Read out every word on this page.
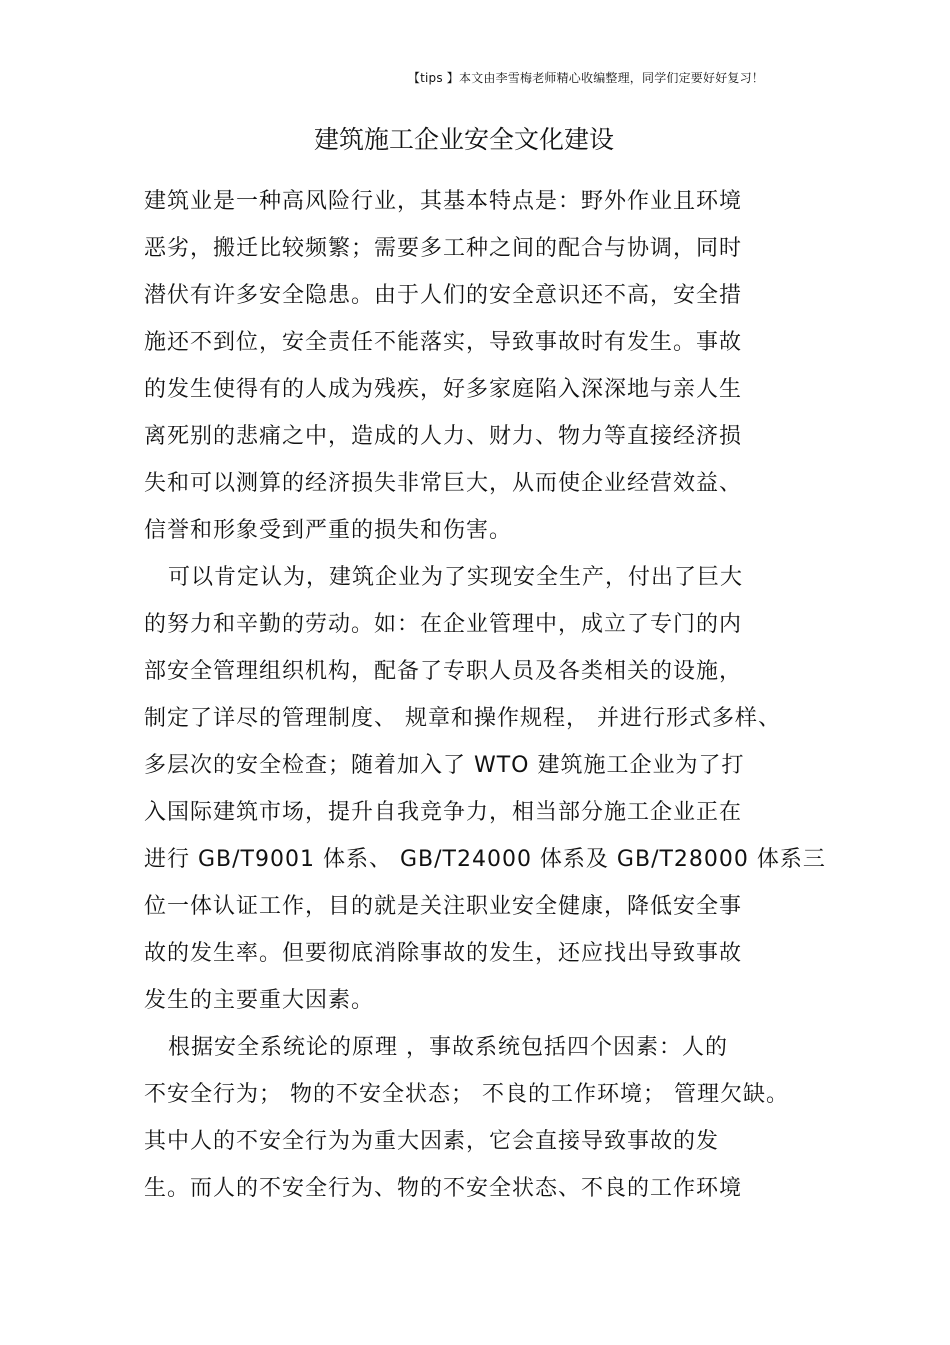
【tips 】本文由李雪梅老师精心收编整理，同学们定要好好复习！
建筑施工企业安全文化建设
建筑业是一种高风险行业，其基本特点是：野外作业且环境
恶劣，搬迁比较频繁；需要多工种之间的配合与协调，同时
潜伏有许多安全隐患。由于人们的安全意识还不高，安全措
施还不到位，安全责任不能落实，导致事故时有发生。事故
的发生使得有的人成为残疾，好多家庭陷入深深地与亲人生
离死别的悲痛之中，造成的人力、财力、物力等直接经济损
失和可以测算的经济损失非常巨大，从而使企业经营效益、
信誉和形象受到严重的损失和伤害。
可以肯定认为，建筑企业为了实现安全生产，付出了巨大
的努力和辛勤的劳动。如：在企业管理中，成立了专门的内
部安全管理组织机构，配备了专职人员及各类相关的设施，
制定了详尽的管理制度、 规章和操作规程， 并进行形式多样、
多层次的安全检查；随着加入了 WTO 建筑施工企业为了打
入国际建筑市场，提升自我竞争力，相当部分施工企业正在
进行 GB/T9001 体系、 GB/T24000 体系及 GB/T28000 体系三
位一体认证工作，目的就是关注职业安全健康，降低安全事
故的发生率。但要彻底消除事故的发生，还应找出导致事故
发生的主要重大因素。
根据安全系统论的原理 ，事故系统包括四个因素：人的
不安全行为； 物的不安全状态； 不良的工作环境； 管理欠缺。
其中人的不安全行为为重大因素，它会直接导致事故的发
生。而人的不安全行为、物的不安全状态、不良的工作环境
